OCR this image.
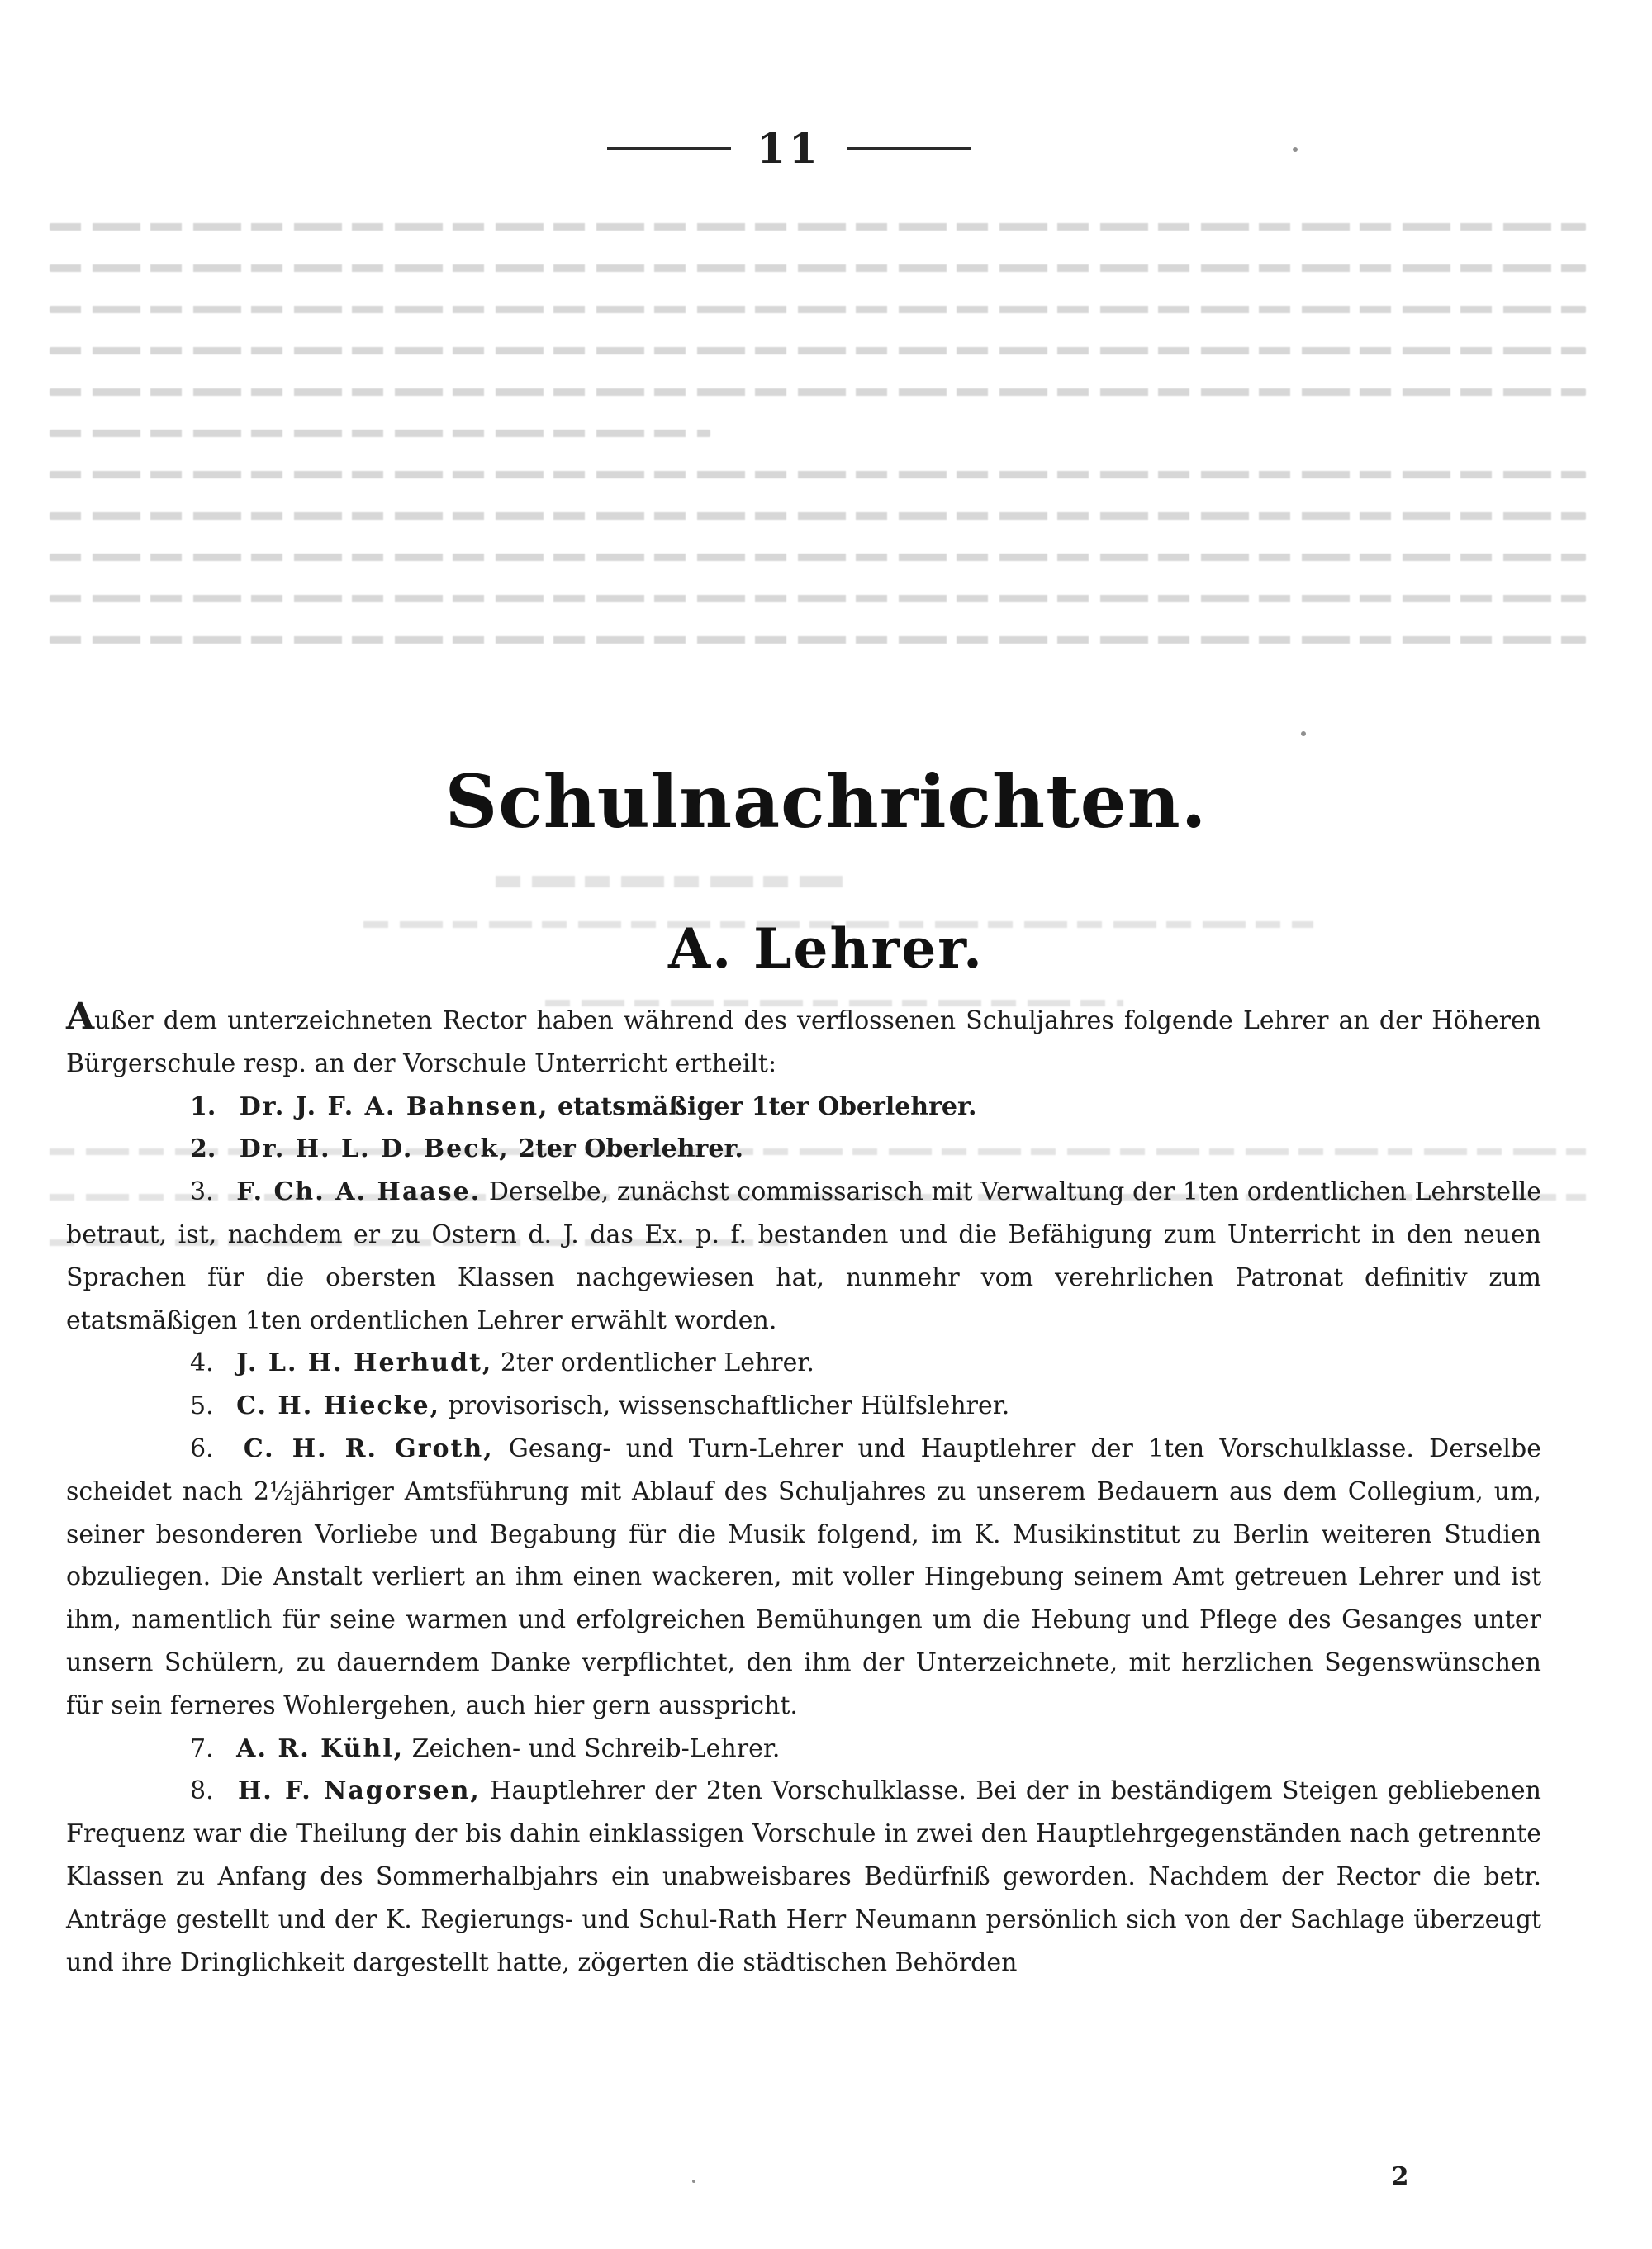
11
Schulnachrichten.
A. Lehrer.

Außer dem unterzeichneten Rector haben während des verflossenen Schuljahres folgende Lehrer an der Höheren Bürgerschule resp. an der Vorschule Unterricht ertheilt:

1. Dr. J. F. A. Bahnsen, etatsmäßiger 1ter Oberlehrer.

2. Dr. H. L. D. Beck, 2ter Oberlehrer.

3. F. Ch. A. Haase. Derselbe, zunächst commissarisch mit Verwaltung der 1ten ordentlichen Lehrstelle betraut, ist, nachdem er zu Ostern d. J. das Ex. p. f. bestanden und die Befähigung zum Unterricht in den neuen Sprachen für die obersten Klassen nachgewiesen hat, nunmehr vom verehrlichen Patronat definitiv zum etatsmäßigen 1ten ordentlichen Lehrer erwählt worden.

4. J. L. H. Herhudt, 2ter ordentlicher Lehrer.

5. C. H. Hiecke, provisorisch, wissenschaftlicher Hülfslehrer.

6. C. H. R. Groth, Gesang- und Turn-Lehrer und Hauptlehrer der 1ten Vorschulklasse. Derselbe scheidet nach 2½jähriger Amtsführung mit Ablauf des Schuljahres zu unserem Bedauern aus dem Collegium, um, seiner besonderen Vorliebe und Begabung für die Musik folgend, im K. Musikinstitut zu Berlin weiteren Studien obzuliegen. Die Anstalt verliert an ihm einen wackeren, mit voller Hingebung seinem Amt getreuen Lehrer und ist ihm, namentlich für seine warmen und erfolgreichen Bemühungen um die Hebung und Pflege des Gesanges unter unsern Schülern, zu dauerndem Danke verpflichtet, den ihm der Unterzeichnete, mit herzlichen Segenswünschen für sein ferneres Wohlergehen, auch hier gern ausspricht.

7. A. R. Kühl, Zeichen- und Schreib-Lehrer.

8. H. F. Nagorsen, Hauptlehrer der 2ten Vorschulklasse. Bei der in beständigem Steigen gebliebenen Frequenz war die Theilung der bis dahin einklassigen Vorschule in zwei den Hauptlehrgegenständen nach getrennte Klassen zu Anfang des Sommerhalbjahrs ein unabweisbares Bedürfniß geworden. Nachdem der Rector die betr. Anträge gestellt und der K. Regierungs- und Schul-Rath Herr Neumann persönlich sich von der Sachlage überzeugt und ihre Dringlichkeit dargestellt hatte, zögerten die städtischen Behörden

2
